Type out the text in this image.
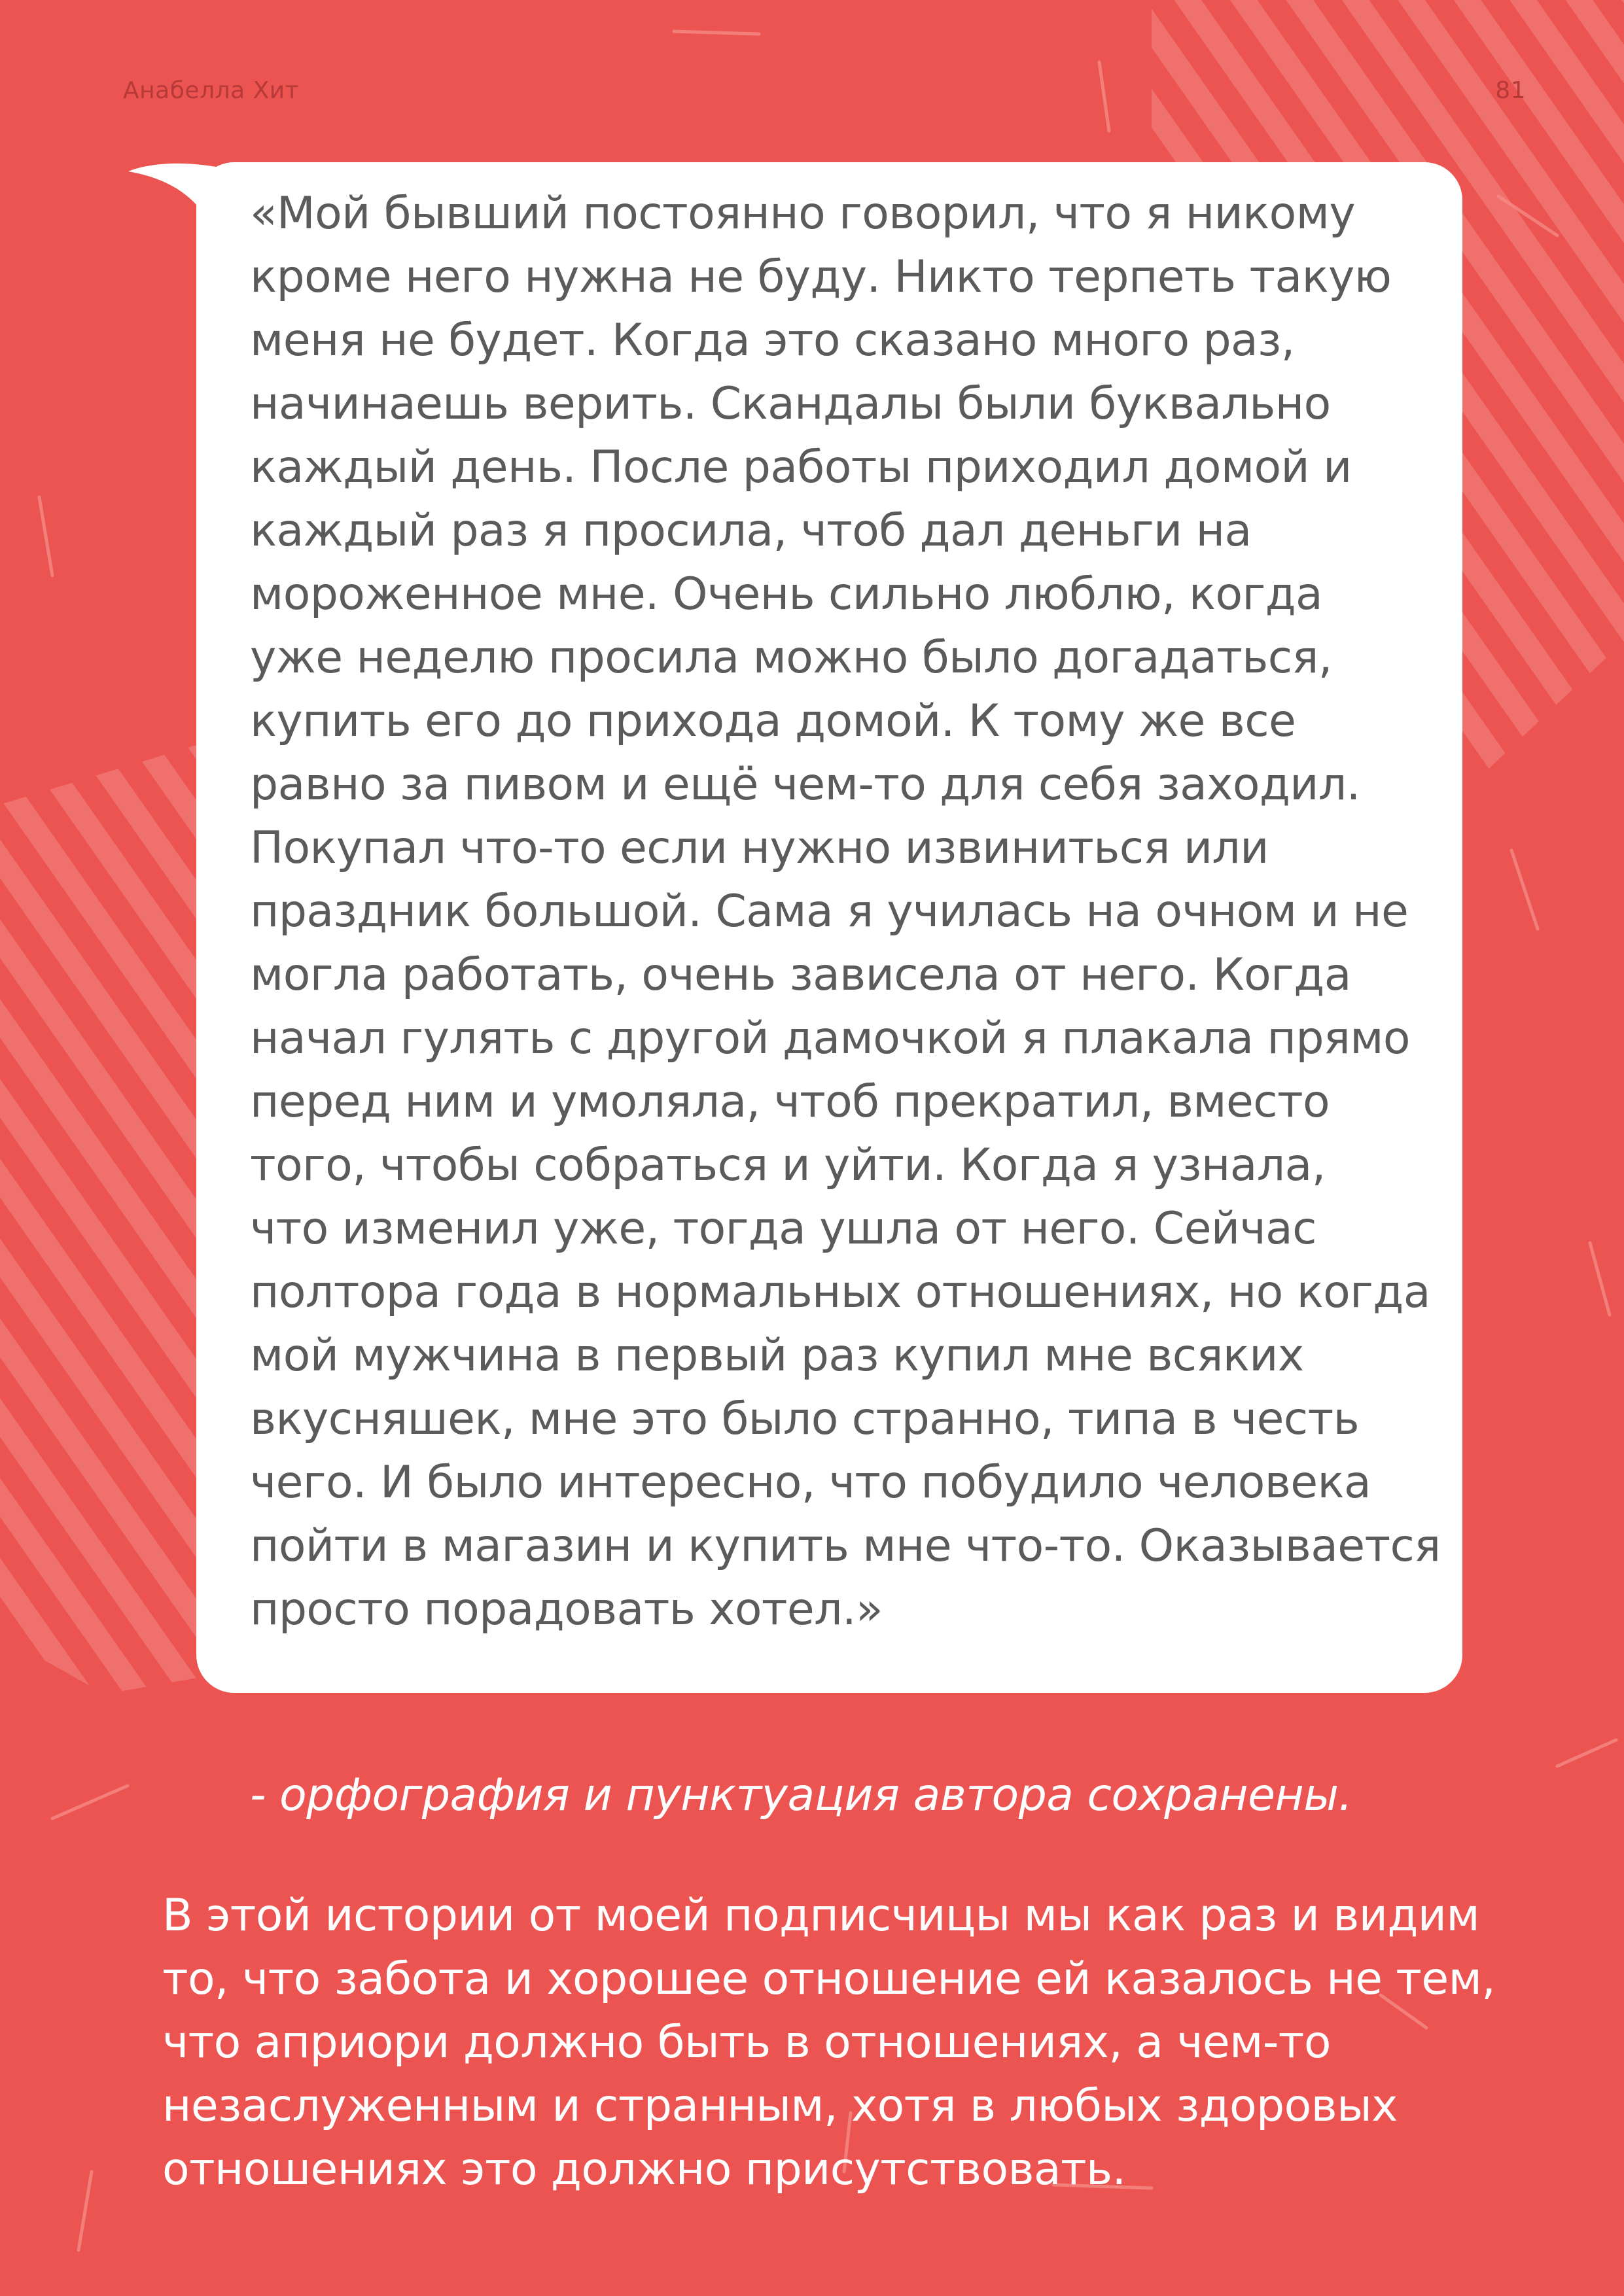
Анабелла Хит	81
«Мой бывший постоянно говорил, что я никому
кроме него нужна не буду. Никто терпеть такую
меня не будет. Когда это сказано много раз,
начинаешь верить. Скандалы были буквально
каждый день. После работы приходил домой и
каждый раз я просила, чтоб дал деньги на
мороженное мне. Очень сильно люблю, когда
уже неделю просила можно было догадаться,
купить его до прихода домой. К тому же все
равно за пивом и ещё чем-то для себя заходил.
Покупал что-то если нужно извиниться или
праздник большой. Сама я училась на очном и не
могла работать, очень зависела от него. Когда
начал гулять с другой дамочкой я плакала прямо
перед ним и умоляла, чтоб прекратил, вместо
того, чтобы собраться и уйти. Когда я узнала,
что изменил уже, тогда ушла от него. Сейчас
полтора года в нормальных отношениях, но когда
мой мужчина в первый раз купил мне всяких
вкусняшек, мне это было странно, типа в честь
чего. И было интересно, что побудило человека
пойти в магазин и купить мне что-то. Оказывается
просто порадовать хотел.»
- орфография и пунктуация автора сохранены.
В этой истории от моей подписчицы мы как раз и видим
то, что забота и хорошее отношение ей казалось не тем,
что априори должно быть в отношениях, а чем-то
незаслуженным и странным, хотя в любых здоровых
отношениях это должно присутствовать.
